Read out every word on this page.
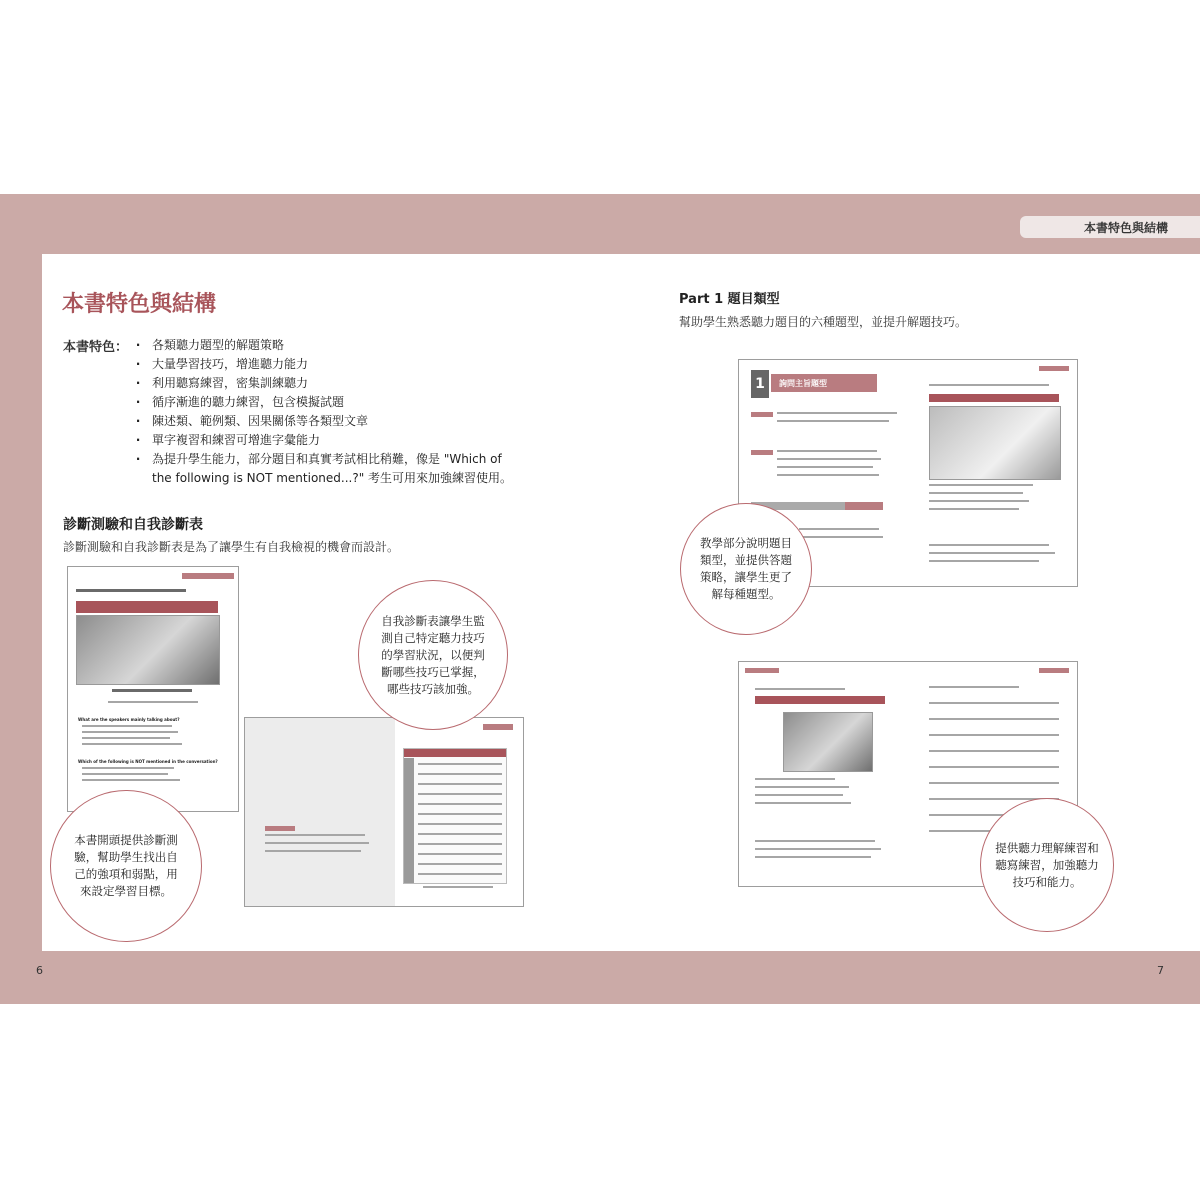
本書特色與結構
6	7
本書特色與結構
本書特色：
‧	各類聽力題型的解題策略
‧ 大量學習技巧，增進聽力能力
‧ 利用聽寫練習，密集訓練聽力
‧ 循序漸進的聽力練習，包含模擬試題
‧ 陳述類、範例類、因果關係等各類型文章
‧ 單字複習和練習可增進字彙能力
‧ 為提升學生能力，部分題目和真實考試相比稍難，像是 "Which of the following is NOT mentioned...?" 考生可用來加強練習使用。
診斷測驗和自我診斷表
診斷測驗和自我診斷表是為了讓學生有自我檢視的機會而設計。
What are the speakers mainly talking about?
Which of the following is NOT mentioned in the conversation?
自我診斷表讓學生監測自己特定聽力技巧的學習狀況，以便判斷哪些技巧已掌握，哪些技巧該加強。
本書開頭提供診斷測驗，幫助學生找出自己的強項和弱點，用來設定學習目標。
Part 1 題目類型
幫助學生熟悉聽力題目的六種題型，並提升解題技巧。
1	詢問主旨題型
教學部分說明題目類型，並提供答題策略，讓學生更了解每種題型。
提供聽力理解練習和聽寫練習，加強聽力技巧和能力。
